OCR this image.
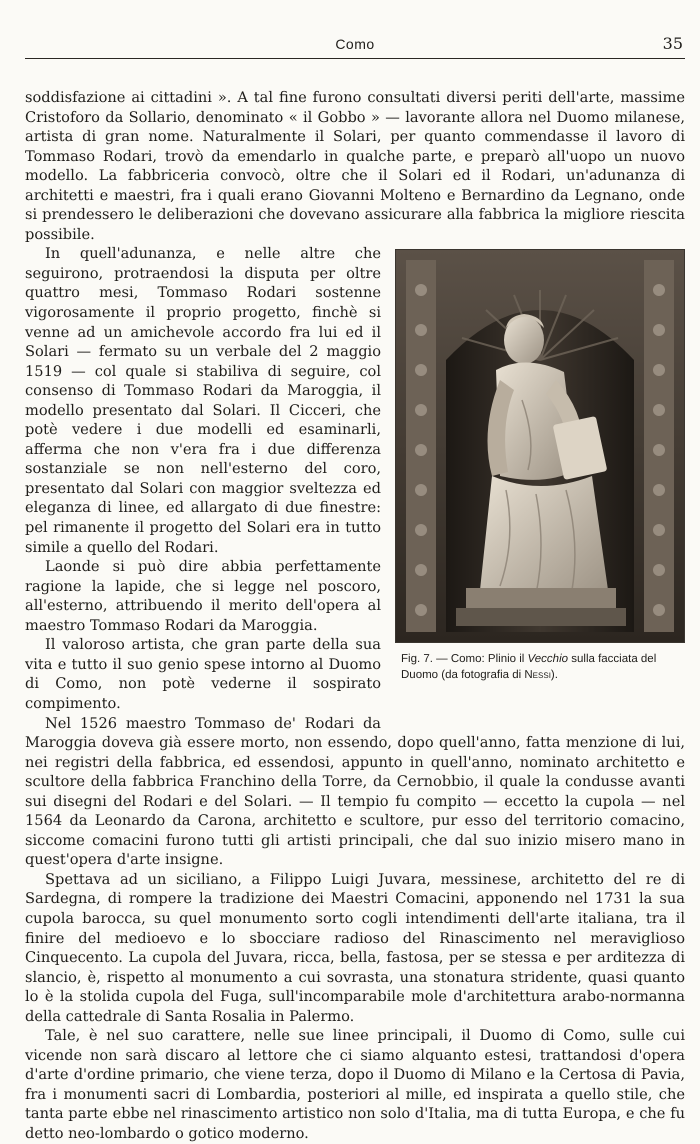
Como	35

soddisfazione ai cittadini ». A tal fine furono consultati diversi periti dell'arte, massime Cristoforo da Sollario, denominato « il Gobbo » — lavorante allora nel Duomo milanese, artista di gran nome. Naturalmente il Solari, per quanto commendasse il lavoro di Tommaso Rodari, trovò da emendarlo in qualche parte, e preparò all'uopo un nuovo modello. La fabbriceria convocò, oltre che il Solari ed il Rodari, un'adunanza di architetti e maestri, fra i quali erano Giovanni Molteno e Bernardino da Legnano, onde si prendessero le deliberazioni che dovevano assicurare alla fabbrica la migliore riescita possibile.

Fig. 7. — Como: Plinio il Vecchio sulla facciata del Duomo (da fotografia di Nessi).

In quell'adunanza, e nelle altre che seguirono, protraendosi la disputa per oltre quattro mesi, Tommaso Rodari sostenne vigorosamente il proprio progetto, finchè si venne ad un amichevole accordo fra lui ed il Solari — fermato su un verbale del 2 maggio 1519 — col quale si stabiliva di seguire, col consenso di Tommaso Rodari da Maroggia, il modello presentato dal Solari. Il Cicceri, che potè vedere i due modelli ed esaminarli, afferma che non v'era fra i due differenza sostanziale se non nell'esterno del coro, presentato dal Solari con maggior sveltezza ed eleganza di linee, ed allargato di due finestre: pel rimanente il progetto del Solari era in tutto simile a quello del Rodari.

Laonde si può dire abbia perfettamente ragione la lapide, che si legge nel poscoro, all'esterno, attribuendo il merito dell'opera al maestro Tommaso Rodari da Maroggia.

Il valoroso artista, che gran parte della sua vita e tutto il suo genio spese intorno al Duomo di Como, non potè vederne il sospirato compimento.

Nel 1526 maestro Tommaso de' Rodari da Maroggia doveva già essere morto, non essendo, dopo quell'anno, fatta menzione di lui, nei registri della fabbrica, ed essendosi, appunto in quell'anno, nominato architetto e scultore della fabbrica Franchino della Torre, da Cernobbio, il quale la condusse avanti sui disegni del Rodari e del Solari. — Il tempio fu compito — eccetto la cupola — nel 1564 da Leonardo da Carona, architetto e scultore, pur esso del territorio comacino, siccome comacini furono tutti gli artisti principali, che dal suo inizio misero mano in quest'opera d'arte insigne.

Spettava ad un siciliano, a Filippo Luigi Juvara, messinese, architetto del re di Sardegna, di rompere la tradizione dei Maestri Comacini, apponendo nel 1731 la sua cupola barocca, su quel monumento sorto cogli intendimenti dell'arte italiana, tra il finire del medioevo e lo sbocciare radioso del Rinascimento nel meraviglioso Cinquecento. La cupola del Juvara, ricca, bella, fastosa, per se stessa e per arditezza di slancio, è, rispetto al monumento a cui sovrasta, una stonatura stridente, quasi quanto lo è la stolida cupola del Fuga, sull'incomparabile mole d'architettura arabo-normanna della cattedrale di Santa Rosalia in Palermo.

Tale, è nel suo carattere, nelle sue linee principali, il Duomo di Como, sulle cui vicende non sarà discaro al lettore che ci siamo alquanto estesi, trattandosi d'opera d'arte d'ordine primario, che viene terza, dopo il Duomo di Milano e la Certosa di Pavia, fra i monumenti sacri di Lombardia, posteriori al mille, ed inspirata a quello stile, che tanta parte ebbe nel rinascimento artistico non solo d'Italia, ma di tutta Europa, e che fu detto neo-lombardo o gotico moderno.
